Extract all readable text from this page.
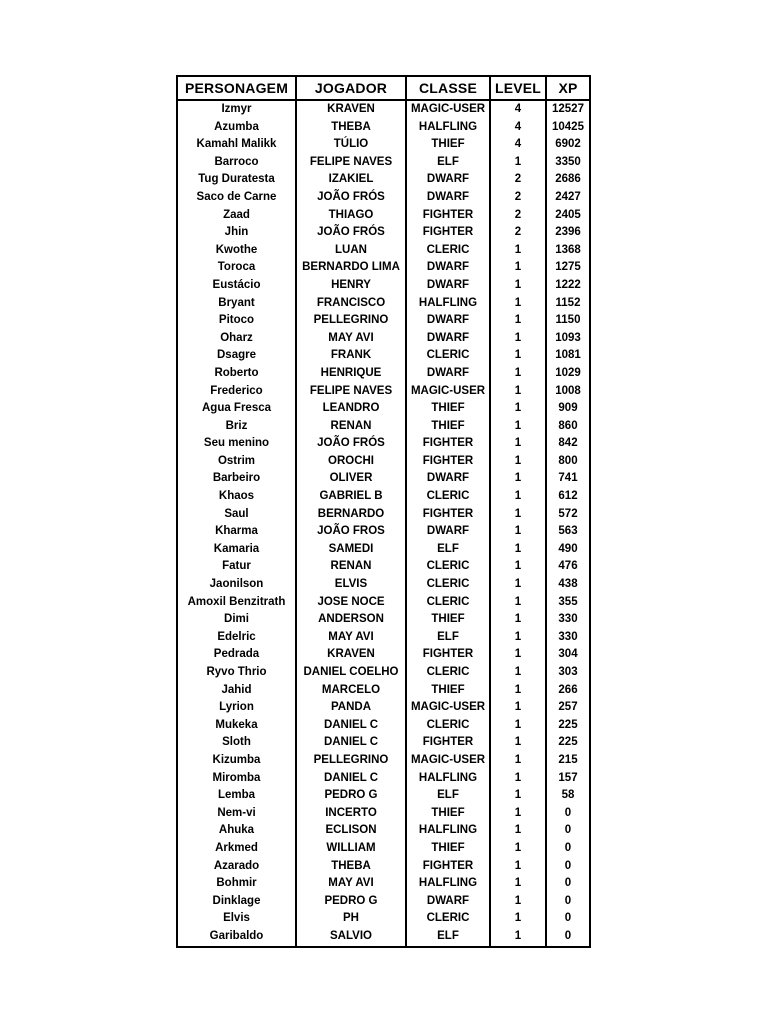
PERSONAGEM	JOGADOR	CLASSE	LEVEL	XP
Izmyr	KRAVEN	MAGIC-USER	4	12527
Azumba	THEBA	HALFLING	4	10425
Kamahl Malikk	TÚLIO	THIEF	4	6902
Barroco	FELIPE NAVES	ELF	1	3350
Tug Duratesta	IZAKIEL	DWARF	2	2686
Saco de Carne	JOÃO FRÓS	DWARF	2	2427
Zaad	THIAGO	FIGHTER	2	2405
Jhin	JOÃO FRÓS	FIGHTER	2	2396
Kwothe	LUAN	CLERIC	1	1368
Toroca	BERNARDO LIMA	DWARF	1	1275
Eustácio	HENRY	DWARF	1	1222
Bryant	FRANCISCO	HALFLING	1	1152
Pitoco	PELLEGRINO	DWARF	1	1150
Oharz	MAY AVI	DWARF	1	1093
Dsagre	FRANK	CLERIC	1	1081
Roberto	HENRIQUE	DWARF	1	1029
Frederico	FELIPE NAVES	MAGIC-USER	1	1008
Agua Fresca	LEANDRO	THIEF	1	909
Briz	RENAN	THIEF	1	860
Seu menino	JOÃO FRÓS	FIGHTER	1	842
Ostrim	OROCHI	FIGHTER	1	800
Barbeiro	OLIVER	DWARF	1	741
Khaos	GABRIEL B	CLERIC	1	612
Saul	BERNARDO	FIGHTER	1	572
Kharma	JOÃO FROS	DWARF	1	563
Kamaria	SAMEDI	ELF	1	490
Fatur	RENAN	CLERIC	1	476
Jaonilson	ELVIS	CLERIC	1	438
Amoxil Benzitrath	JOSE NOCE	CLERIC	1	355
Dimi	ANDERSON	THIEF	1	330
Edelric	MAY AVI	ELF	1	330
Pedrada	KRAVEN	FIGHTER	1	304
Ryvo Thrio	DANIEL COELHO	CLERIC	1	303
Jahid	MARCELO	THIEF	1	266
Lyrion	PANDA	MAGIC-USER	1	257
Mukeka	DANIEL C	CLERIC	1	225
Sloth	DANIEL C	FIGHTER	1	225
Kizumba	PELLEGRINO	MAGIC-USER	1	215
Miromba	DANIEL C	HALFLING	1	157
Lemba	PEDRO G	ELF	1	58
Nem-vi	INCERTO	THIEF	1	0
Ahuka	ECLISON	HALFLING	1	0
Arkmed	WILLIAM	THIEF	1	0
Azarado	THEBA	FIGHTER	1	0
Bohmir	MAY AVI	HALFLING	1	0
Dinklage	PEDRO G	DWARF	1	0
Elvis	PH	CLERIC	1	0
Garibaldo	SALVIO	ELF	1	0
